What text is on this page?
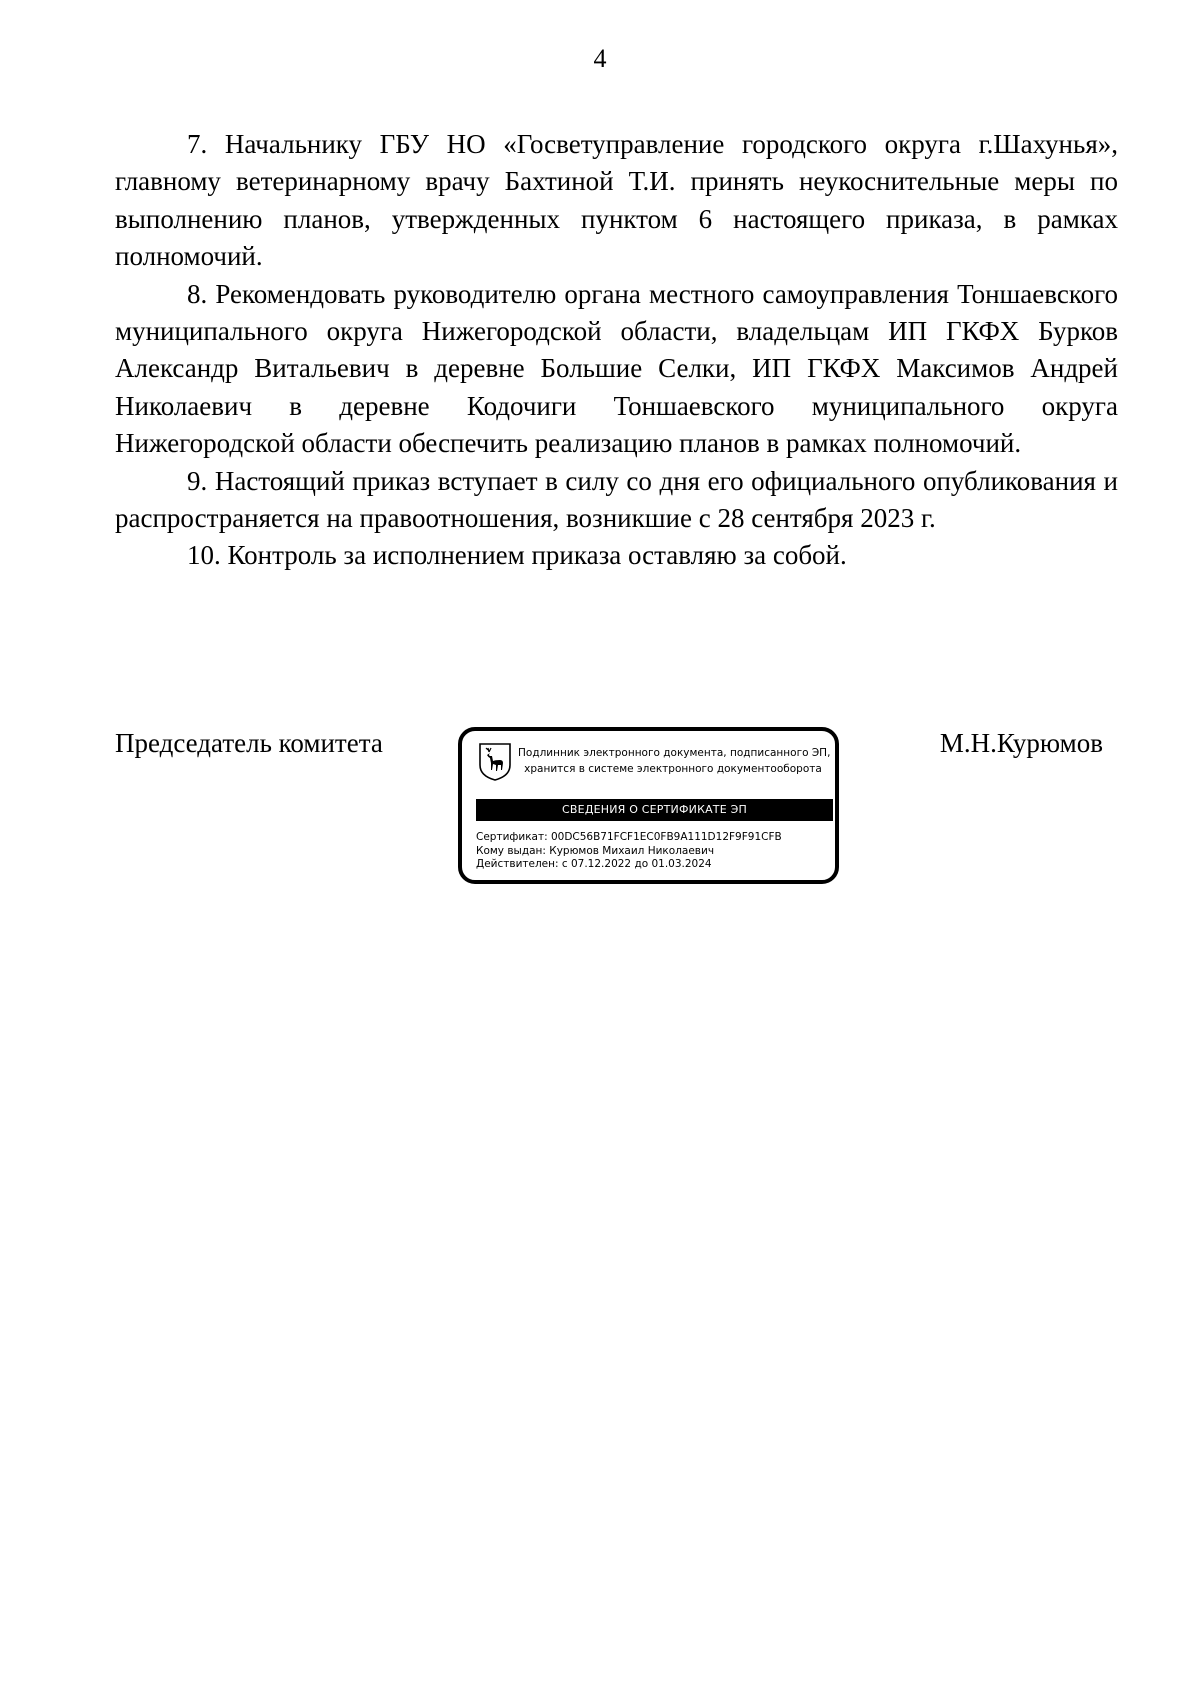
4

7. Начальнику ГБУ НО «Госветуправление городского округа г.Шахунья», главному ветеринарному врачу Бахтиной Т.И. принять неукоснительные меры по выполнению планов, утвержденных пунктом 6 настоящего приказа, в рамках полномочий.

8. Рекомендовать руководителю органа местного самоуправления Тоншаевского муниципального округа Нижегородской области, владельцам ИП ГКФХ Бурков Александр Витальевич в деревне Большие Селки, ИП ГКФХ Максимов Андрей Николаевич в деревне Кодочиги Тоншаевского муниципального округа Нижегородской области обеспечить реализацию планов в рамках полномочий.

9. Настоящий приказ вступает в силу со дня его официального опубликования и распространяется на правоотношения, возникшие с 28 сентября 2023 г.

10. Контроль за исполнением приказа оставляю за собой.

Председатель комитета	М.Н.Курюмов
Подлинник электронного документа, подписанного ЭП,
хранится в системе электронного документооборота
СВЕДЕНИЯ О СЕРТИФИКАТЕ ЭП
Сертификат: 00DC56B71FCF1EC0FB9A111D12F9F91CFB
Кому выдан: Курюмов Михаил Николаевич
Действителен: с 07.12.2022 до 01.03.2024
